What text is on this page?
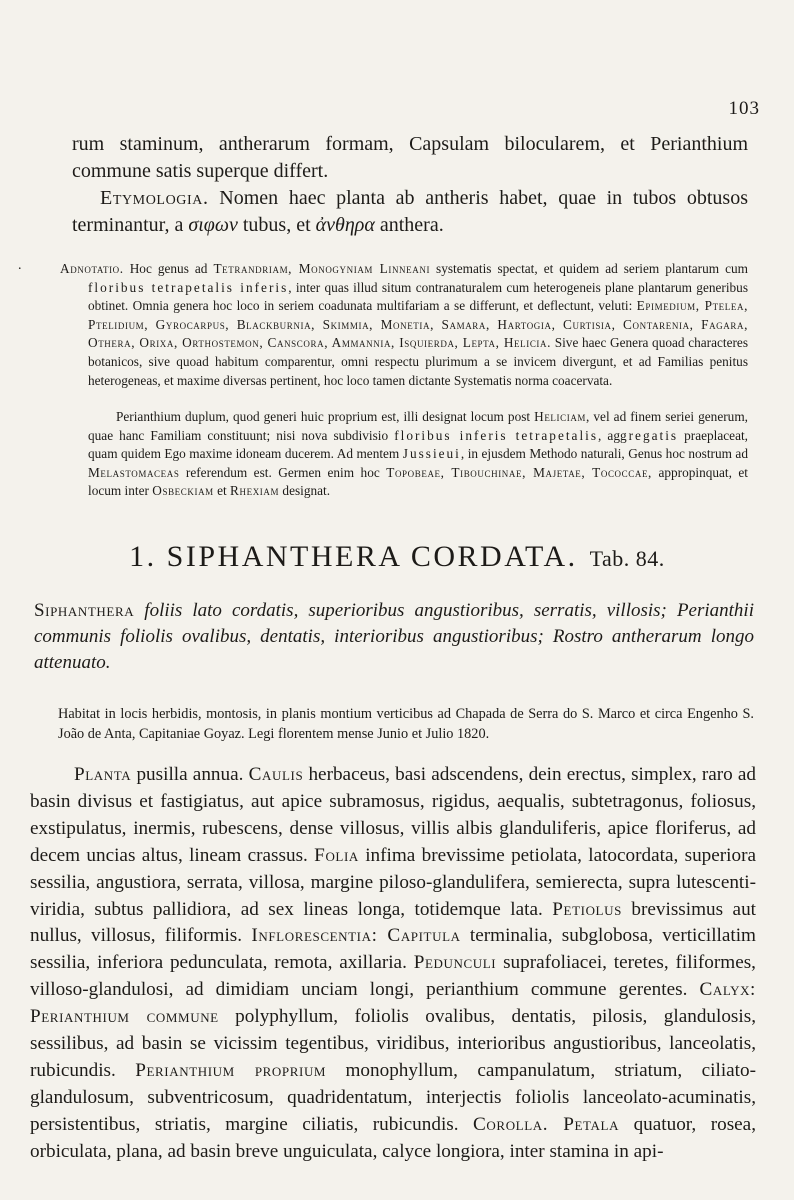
103

rum staminum, antherarum formam, Capsulam bilocularem, et Perianthium commune satis superque differt.

Etymologia. Nomen haec planta ab antheris habet, quae in tubos obtusos terminantur, a σιφων tubus, et ἀνθηρα anthera.

.	Adnotatio. Hoc genus ad Tetrandriam, Monogyniam Linneani systematis spectat, et quidem ad seriem plantarum cum floribus tetrapetalis inferis, inter quas illud situm contranaturalem cum heterogeneis plane plantarum generibus obtinet. Omnia genera hoc loco in seriem coadunata multifariam a se differunt, et deflectunt, veluti: Epimedium, Ptelea, Ptelidium, Gyrocarpus, Blackburnia, Skimmia, Monetia, Samara, Hartogia, Curtisia, Contarenia, Fagara, Othera, Orixa, Orthostemon, Canscora, Ammannia, Isquierda, Lepta, Helicia. Sive haec Genera quoad characteres botanicos, sive quoad habitum comparentur, omni respectu plurimum a se invicem divergunt, et ad Familias penitus heterogeneas, et maxime diversas pertinent, hoc loco tamen dictante Systematis norma coacervata.

Perianthium duplum, quod generi huic proprium est, illi designat locum post Heliciam, vel ad finem seriei generum, quae hanc Familiam constituunt; nisi nova subdivisio floribus inferis tetrapetalis, aggregatis praeplaceat, quam quidem Ego maxime idoneam ducerem. Ad mentem Jussieui, in ejusdem Methodo naturali, Genus hoc nostrum ad Melastomaceas referendum est. Germen enim hoc Topobeae, Tibouchinae, Majetae, Tococcae, appropinquat, et locum inter Osbeckiam et Rhexiam designat.

1. SIPHANTHERA CORDATA. Tab. 84.

Siphanthera foliis lato cordatis, superioribus angustioribus, serratis, villosis; Perianthii communis foliolis ovalibus, dentatis, interioribus angustioribus; Rostro antherarum longo attenuato.

Habitat in locis herbidis, montosis, in planis montium verticibus ad Chapada de Serra do S. Marco et circa Engenho S. João de Anta, Capitaniae Goyaz. Legi florentem mense Junio et Julio 1820.

Planta pusilla annua. Caulis herbaceus, basi adscendens, dein erectus, simplex, raro ad basin divisus et fastigiatus, aut apice subramosus, rigidus, aequalis, subtetragonus, foliosus, exstipulatus, inermis, rubescens, dense villosus, villis albis glanduliferis, apice floriferus, ad decem uncias altus, lineam crassus. Folia infima brevissime petiolata, latocordata, superiora sessilia, angustiora, serrata, villosa, margine piloso-glandulifera, semierecta, supra lutescenti-viridia, subtus pallidiora, ad sex lineas longa, totidemque lata. Petiolus brevissimus aut nullus, villosus, filiformis. Inflorescentia: Capitula terminalia, subglobosa, verticillatim sessilia, inferiora pedunculata, remota, axillaria. Pedunculi suprafoliacei, teretes, filiformes, villoso-glandulosi, ad dimidiam unciam longi, perianthium commune gerentes. Calyx: Perianthium commune polyphyllum, foliolis ovalibus, dentatis, pilosis, glandulosis, sessilibus, ad basin se vicissim tegentibus, viridibus, interioribus angustioribus, lanceolatis, rubicundis. Perianthium proprium monophyllum, campanulatum, striatum, ciliato-glandulosum, subventricosum, quadridentatum, interjectis foliolis lanceolato-acuminatis, persistentibus, striatis, margine ciliatis, rubicundis. Corolla. Petala quatuor, rosea, orbiculata, plana, ad basin breve unguiculata, calyce longiora, inter stamina in api-
